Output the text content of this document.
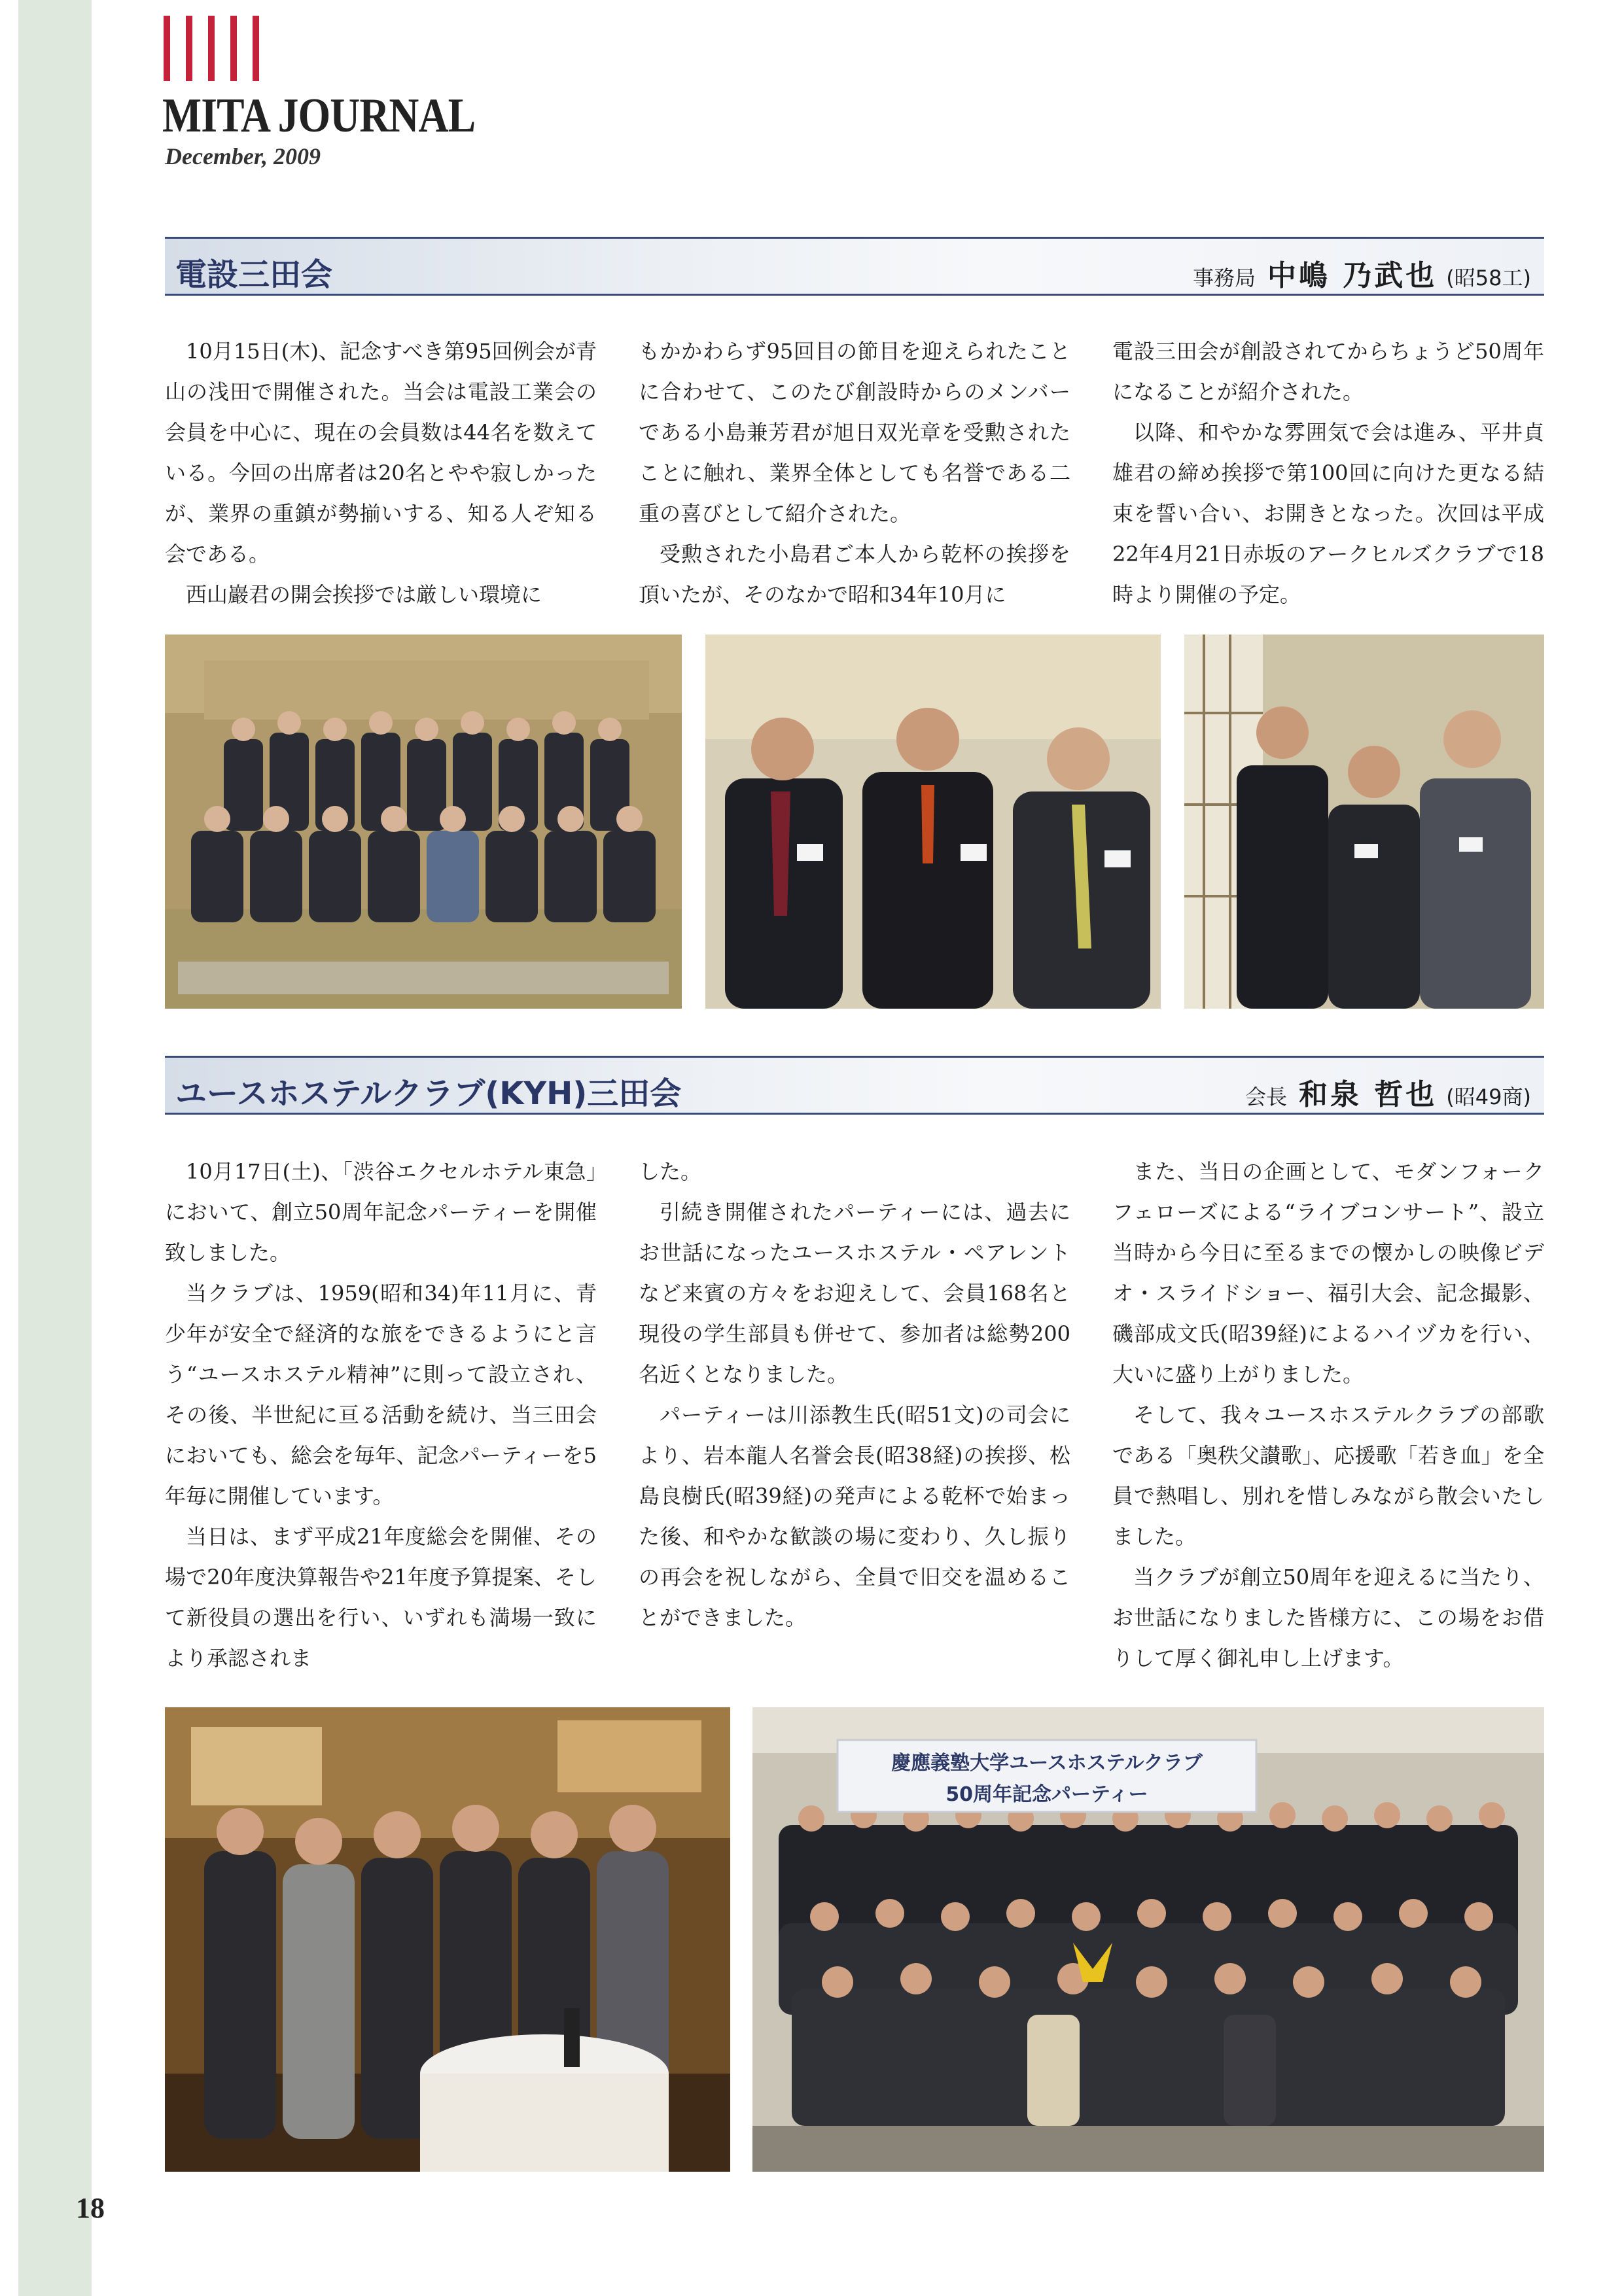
MITA JOURNAL
December, 2009
電設三田会	事務局 中嶋 乃武也 (昭58工)

10月15日(木)、記念すべき第95回例会が青山の浅田で開催された。当会は電設工業会の会員を中心に、現在の会員数は44名を数えている。今回の出席者は20名とやや寂しかったが、業界の重鎮が勢揃いする、知る人ぞ知る会である。

西山巖君の開会挨拶では厳しい環境に

もかかわらず95回目の節目を迎えられたことに合わせて、このたび創設時からのメンバーである小島兼芳君が旭日双光章を受勲されたことに触れ、業界全体としても名誉である二重の喜びとして紹介された。

受勲された小島君ご本人から乾杯の挨拶を頂いたが、そのなかで昭和34年10月に

電設三田会が創設されてからちょうど50周年になることが紹介された。

以降、和やかな雰囲気で会は進み、平井貞雄君の締め挨拶で第100回に向けた更なる結束を誓い合い、お開きとなった。次回は平成22年4月21日赤坂のアークヒルズクラブで18時より開催の予定。

ユースホステルクラブ(KYH)三田会	会長 和泉 哲也 (昭49商)

10月17日(土)、「渋谷エクセルホテル東急」において、創立50周年記念パーティーを開催致しました。

当クラブは、1959(昭和34)年11月に、青少年が安全で経済的な旅をできるようにと言う“ユースホステル精神”に則って設立され、その後、半世紀に亘る活動を続け、当三田会においても、総会を毎年、記念パーティーを5年毎に開催しています。

当日は、まず平成21年度総会を開催、その場で20年度決算報告や21年度予算提案、そして新役員の選出を行い、いずれも満場一致により承認されま

した。

引続き開催されたパーティーには、過去にお世話になったユースホステル・ペアレントなど来賓の方々をお迎えして、会員168名と現役の学生部員も併せて、参加者は総勢200名近くとなりました。

パーティーは川添教生氏(昭51文)の司会により、岩本龍人名誉会長(昭38経)の挨拶、松島良樹氏(昭39経)の発声による乾杯で始まった後、和やかな歓談の場に変わり、久し振りの再会を祝しながら、全員で旧交を温めることができました。

また、当日の企画として、モダンフォークフェローズによる“ライブコンサート”、設立当時から今日に至るまでの懐かしの映像ビデオ・スライドショー、福引大会、記念撮影、磯部成文氏(昭39経)によるハイヅカを行い、大いに盛り上がりました。

そして、我々ユースホステルクラブの部歌である「奥秩父讃歌」、応援歌「若き血」を全員で熱唱し、別れを惜しみながら散会いたしました。

当クラブが創立50周年を迎えるに当たり、お世話になりました皆様方に、この場をお借りして厚く御礼申し上げます。

慶應義塾大学ユースホステルクラブ
50周年記念パーティー
18
